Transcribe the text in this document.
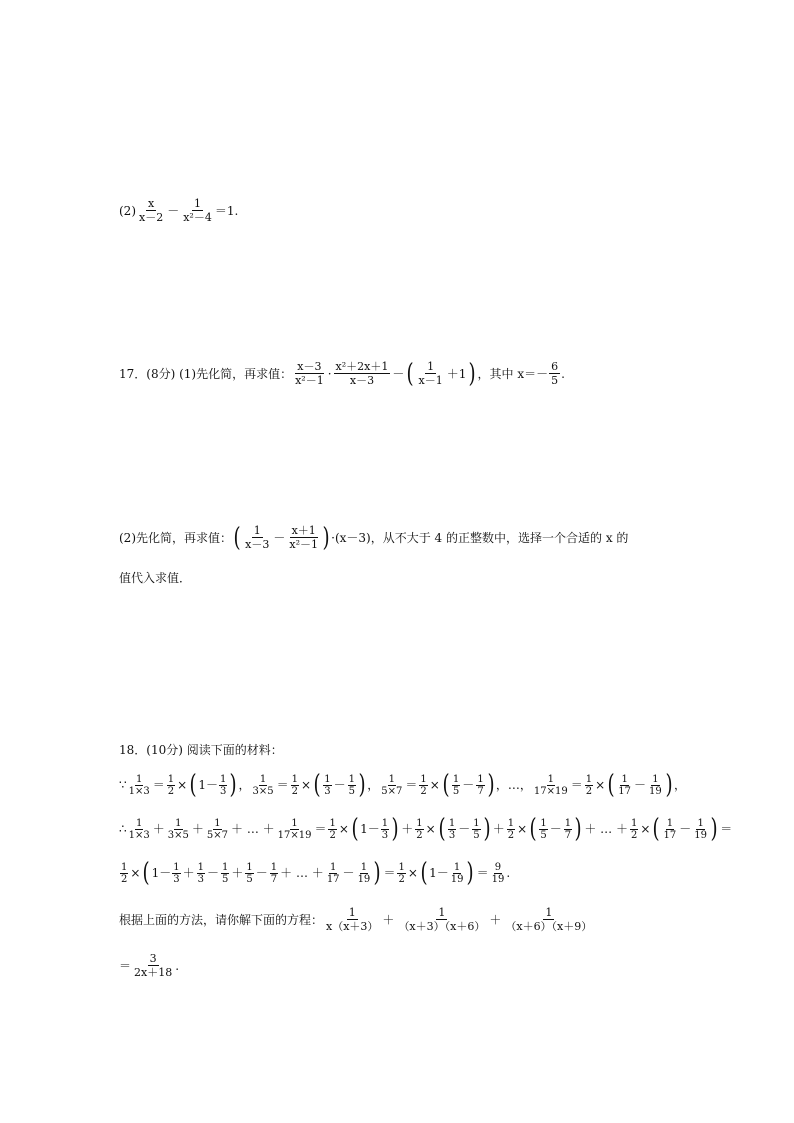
$(2) \frac{x}{x-2} - \frac{1}{\text{x²－4}} =1$.
17．(8分) (1)先化简，再求值： $\frac{x-3}{\text{x²－1}} \cdot \frac{\text{x²＋2x＋1}}{x-3}$ － ( $\frac{1}{x-1} +1$ ) ，其中 $x=- \frac{6}{5}$ .
(2)先化简，再求值： ( $\frac{1}{x-3} - \frac{x+1}{\text{x²－1}}$ ) ·(x－3)，从不大于 4 的正整数中，选择一个合适的 x 的
值代入求值．
18．(10分) 阅读下面的材料：
∵ $\frac{1}{1\times 3} = \frac{1}{2}$ × ( $1- \frac{1}{3}$ ) ， $\frac{1}{3\times 5} = \frac{1}{2}$ × ( $\frac{1}{3} - \frac{1}{5}$ ) ， $\frac{1}{5\times 7} = \frac{1}{2}$ × ( $\frac{1}{5} - \frac{1}{7}$ ) ，…， $\frac{1}{17\times 19} = \frac{1}{2}$ × ( $\frac{1}{17} - \frac{1}{19}$ ) ，
∴ $\frac{1}{1\times 3} + \frac{1}{3\times 5} + \frac{1}{5\times 7}$ ＋ … ＋ $\frac{1}{17\times 19} = \frac{1}{2}$ × ( $1- \frac{1}{3}$ ) ＋ $\frac{1}{2}$ × ( $\frac{1}{3} - \frac{1}{5}$ ) ＋ $\frac{1}{2}$ × ( $\frac{1}{5} - \frac{1}{7}$ ) ＋ … ＋ $\frac{1}{2}$ × ( $\frac{1}{17} - \frac{1}{19}$ ) ＝
$\frac{1}{2}$ × ( $1- \frac{1}{3} + \frac{1}{3} - \frac{1}{5} + \frac{1}{5} - \frac{1}{7}$ ＋ … ＋ $\frac{1}{17} - \frac{1}{19}$ ) ＝ $\frac{1}{2}$ × ( $1- \frac{1}{19}$ ) ＝ $\frac{9}{19}$ .
根据上面的方法，请你解下面的方程： $\frac{1}{x(x+3)} + \frac{1}{(x+3)(x+6)} + \frac{1}{(x+6)(x+9)}$
＝ $\frac{3}{2x+18}$ .
